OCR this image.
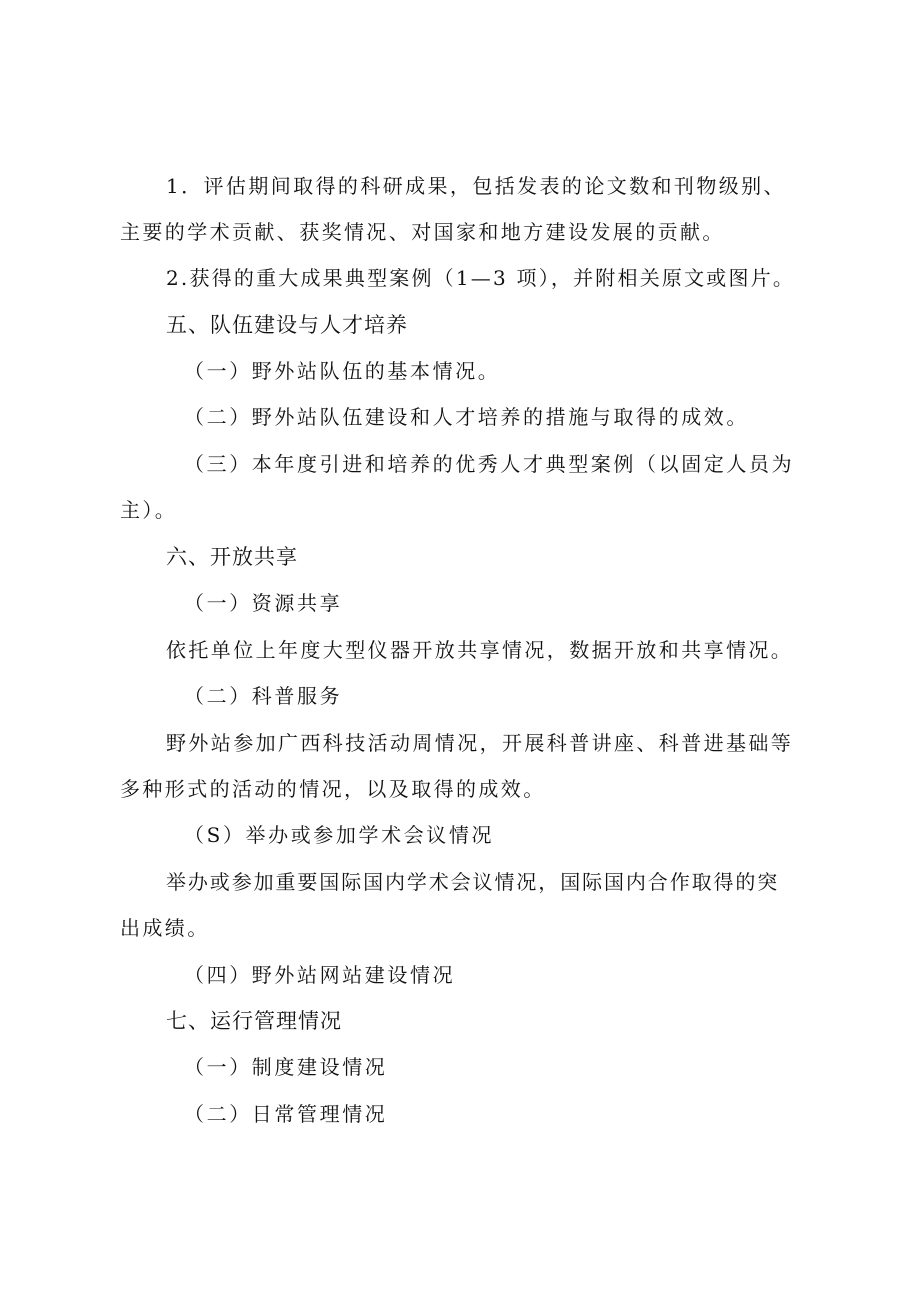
1．评估期间取得的科研成果，包括发表的论文数和刊物级别、
主要的学术贡献、获奖情况、对国家和地方建设发展的贡献。
2.获得的重大成果典型案例（1—3 项），并附相关原文或图片。
五、队伍建设与人才培养
（一）野外站队伍的基本情况。
（二）野外站队伍建设和人才培养的措施与取得的成效。
（三）本年度引进和培养的优秀人才典型案例（以固定人员为
主）。
六、开放共享
（一）资源共享
依托单位上年度大型仪器开放共享情况，数据开放和共享情况。
（二）科普服务
野外站参加广西科技活动周情况，开展科普讲座、科普进基础等
多种形式的活动的情况，以及取得的成效。
（S）举办或参加学术会议情况
举办或参加重要国际国内学术会议情况，国际国内合作取得的突
出成绩。
（四）野外站网站建设情况
七、运行管理情况
（一）制度建设情况
（二）日常管理情况
